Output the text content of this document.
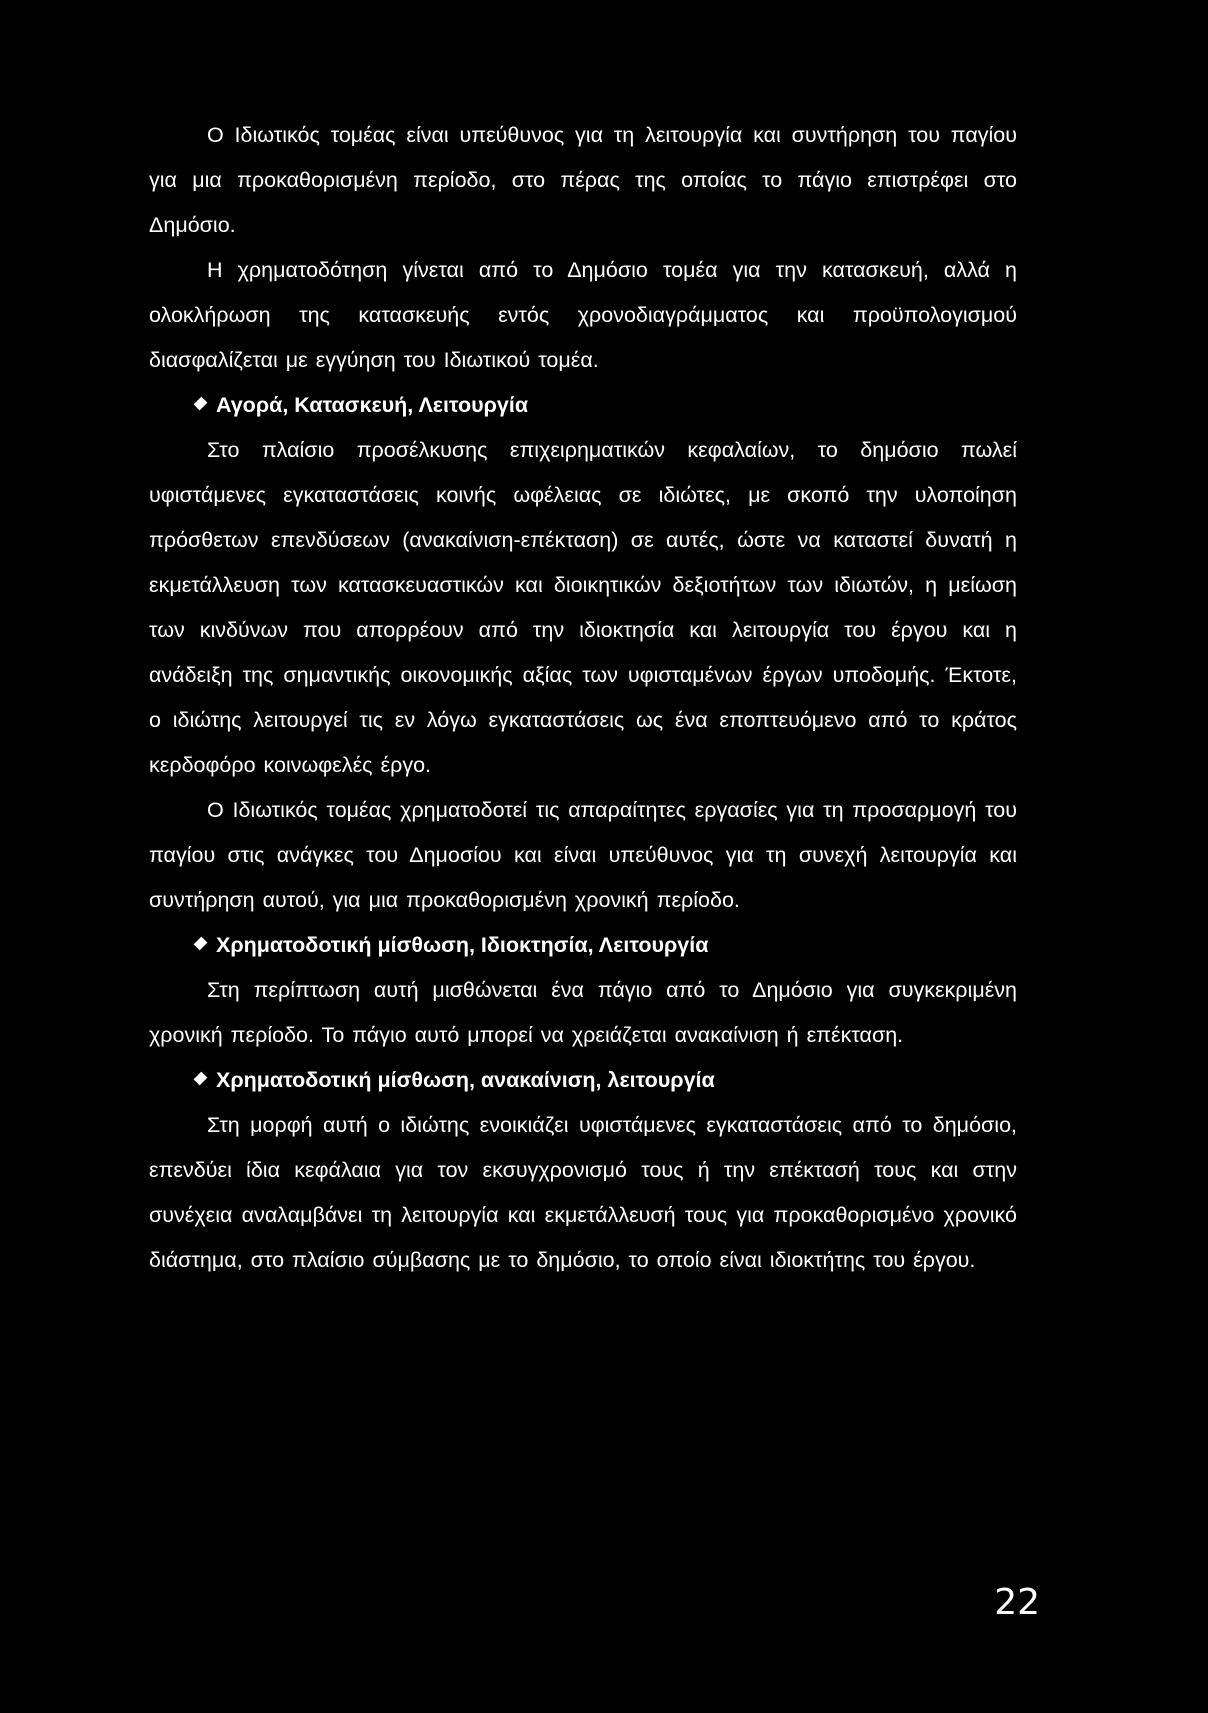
Ο Ιδιωτικός τομέας είναι υπεύθυνος για τη λειτουργία και συντήρηση του παγίου για μια προκαθορισμένη περίοδο, στο πέρας της οποίας το πάγιο επιστρέφει στο Δημόσιο.

Η χρηματοδότηση γίνεται από το Δημόσιο τομέα για την κατασκευή, αλλά η ολοκλήρωση της κατασκευής εντός χρονοδιαγράμματος και προϋπολογισμού διασφαλίζεται με εγγύηση του Ιδιωτικού τομέα.

Αγορά, Κατασκευή, Λειτουργία

Στο πλαίσιο προσέλκυσης επιχειρηματικών κεφαλαίων, το δημόσιο πωλεί υφιστάμενες εγκαταστάσεις κοινής ωφέλειας σε ιδιώτες, με σκοπό την υλοποίηση πρόσθετων επενδύσεων (ανακαίνιση-επέκταση) σε αυτές, ώστε να καταστεί δυνατή η εκμετάλλευση των κατασκευαστικών και διοικητικών δεξιοτήτων των ιδιωτών, η μείωση των κινδύνων που απορρέουν από την ιδιοκτησία και λειτουργία του έργου και η ανάδειξη της σημαντικής οικονομικής αξίας των υφισταμένων έργων υποδομής. Έκτοτε, ο ιδιώτης λειτουργεί τις εν λόγω εγκαταστάσεις ως ένα εποπτευόμενο από το κράτος κερδοφόρο κοινωφελές έργο.

Ο Ιδιωτικός τομέας χρηματοδοτεί τις απαραίτητες εργασίες για τη προσαρμογή του παγίου στις ανάγκες του Δημοσίου και είναι υπεύθυνος για τη συνεχή λειτουργία και συντήρηση αυτού, για μια προκαθορισμένη χρονική περίοδο.

Χρηματοδοτική μίσθωση, Ιδιοκτησία, Λειτουργία

Στη περίπτωση αυτή μισθώνεται ένα πάγιο από το Δημόσιο για συγκεκριμένη χρονική περίοδο. Το πάγιο αυτό μπορεί να χρειάζεται ανακαίνιση ή επέκταση.

Χρηματοδοτική μίσθωση, ανακαίνιση, λειτουργία

Στη μορφή αυτή ο ιδιώτης ενοικιάζει υφιστάμενες εγκαταστάσεις από το δημόσιο, επενδύει ίδια κεφάλαια για τον εκσυγχρονισμό τους ή την επέκτασή τους και στην συνέχεια αναλαμβάνει τη λειτουργία και εκμετάλλευσή τους για προκαθορισμένο χρονικό διάστημα, στο πλαίσιο σύμβασης με το δημόσιο, το οποίο είναι ιδιοκτήτης του έργου.

22
